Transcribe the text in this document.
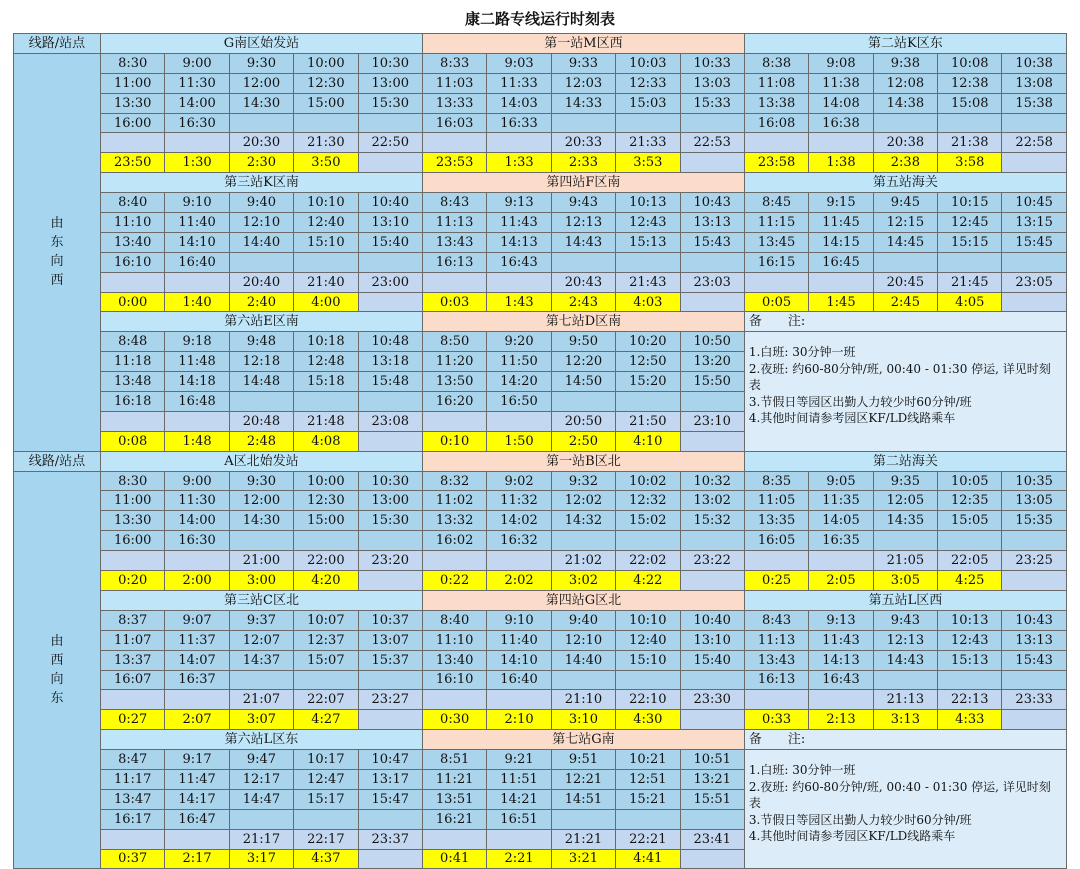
康二路专线运行时刻表
线路/站点	G南区始发站					第一站M区西					第二站K区东				

由
东
向
西	8:30	9:00	9:30	10:00	10:30	8:33	9:03	9:33	10:03	10:33	8:38	9:08	9:38	10:08	10:38
	11:00	11:30	12:00	12:30	13:00	11:03	11:33	12:03	12:33	13:03	11:08	11:38	12:08	12:38	13:08
	13:30	14:00	14:30	15:00	15:30	13:33	14:03	14:33	15:03	15:33	13:38	14:08	14:38	15:08	15:38
	16:00	16:30				16:03	16:33				16:08	16:38			
			20:30	21:30	22:50			20:33	21:33	22:53			20:38	21:38	22:58
	23:50	1:30	2:30	3:50		23:53	1:33	2:33	3:53		23:58	1:38	2:38	3:58	
	第三站K区南					第四站F区南					第五站海关				
	8:40	9:10	9:40	10:10	10:40	8:43	9:13	9:43	10:13	10:43	8:45	9:15	9:45	10:15	10:45
	11:10	11:40	12:10	12:40	13:10	11:13	11:43	12:13	12:43	13:13	11:15	11:45	12:15	12:45	13:15
	13:40	14:10	14:40	15:10	15:40	13:43	14:13	14:43	15:13	15:43	13:45	14:15	14:45	15:15	15:45
	16:10	16:40				16:13	16:43				16:15	16:45			
			20:40	21:40	23:00			20:43	21:43	23:03			20:45	21:45	23:05
	0:00	1:40	2:40	4:00		0:03	1:43	2:43	4:03		0:05	1:45	2:45	4:05	
	第六站E区南					第七站D区南					备　　注:				
	8:48	9:18	9:48	10:18	10:48	8:50	9:20	9:50	10:20	10:50	1.白班: 30分钟一班
2.夜班: 约60-80分钟/班, 00:40 - 01:30 停运, 详见时刻表
3.节假日等园区出勤人力较少时60分钟/班
4.其他时间请参考园区KF/LD线路乘车				

	11:18	11:48	12:18	12:48	13:18	11:20	11:50	12:20	12:50	13:20					
	13:48	14:18	14:48	15:18	15:48	13:50	14:20	14:50	15:20	15:50					
	16:18	16:48				16:20	16:50								
			20:48	21:48	23:08			20:50	21:50	23:10					
	0:08	1:48	2:48	4:08		0:10	1:50	2:50	4:10						
线路/站点	A区北始发站					第一站B区北					第二站海关				

由
西
向
东	8:30	9:00	9:30	10:00	10:30	8:32	9:02	9:32	10:02	10:32	8:35	9:05	9:35	10:05	10:35
	11:00	11:30	12:00	12:30	13:00	11:02	11:32	12:02	12:32	13:02	11:05	11:35	12:05	12:35	13:05
	13:30	14:00	14:30	15:00	15:30	13:32	14:02	14:32	15:02	15:32	13:35	14:05	14:35	15:05	15:35
	16:00	16:30				16:02	16:32				16:05	16:35			
			21:00	22:00	23:20			21:02	22:02	23:22			21:05	22:05	23:25
	0:20	2:00	3:00	4:20		0:22	2:02	3:02	4:22		0:25	2:05	3:05	4:25	
	第三站C区北					第四站G区北					第五站L区西				
	8:37	9:07	9:37	10:07	10:37	8:40	9:10	9:40	10:10	10:40	8:43	9:13	9:43	10:13	10:43
	11:07	11:37	12:07	12:37	13:07	11:10	11:40	12:10	12:40	13:10	11:13	11:43	12:13	12:43	13:13
	13:37	14:07	14:37	15:07	15:37	13:40	14:10	14:40	15:10	15:40	13:43	14:13	14:43	15:13	15:43
	16:07	16:37				16:10	16:40				16:13	16:43			
			21:07	22:07	23:27			21:10	22:10	23:30			21:13	22:13	23:33
	0:27	2:07	3:07	4:27		0:30	2:10	3:10	4:30		0:33	2:13	3:13	4:33	
	第六站L区东					第七站G南					备　　注:				
	8:47	9:17	9:47	10:17	10:47	8:51	9:21	9:51	10:21	10:51	1.白班: 30分钟一班
2.夜班: 约60-80分钟/班, 00:40 - 01:30 停运, 详见时刻表
3.节假日等园区出勤人力较少时60分钟/班
4.其他时间请参考园区KF/LD线路乘车				

	11:17	11:47	12:17	12:47	13:17	11:21	11:51	12:21	12:51	13:21					
	13:47	14:17	14:47	15:17	15:47	13:51	14:21	14:51	15:21	15:51					
	16:17	16:47				16:21	16:51								
			21:17	22:17	23:37			21:21	22:21	23:41					
	0:37	2:17	3:17	4:37		0:41	2:21	3:21	4:41						
